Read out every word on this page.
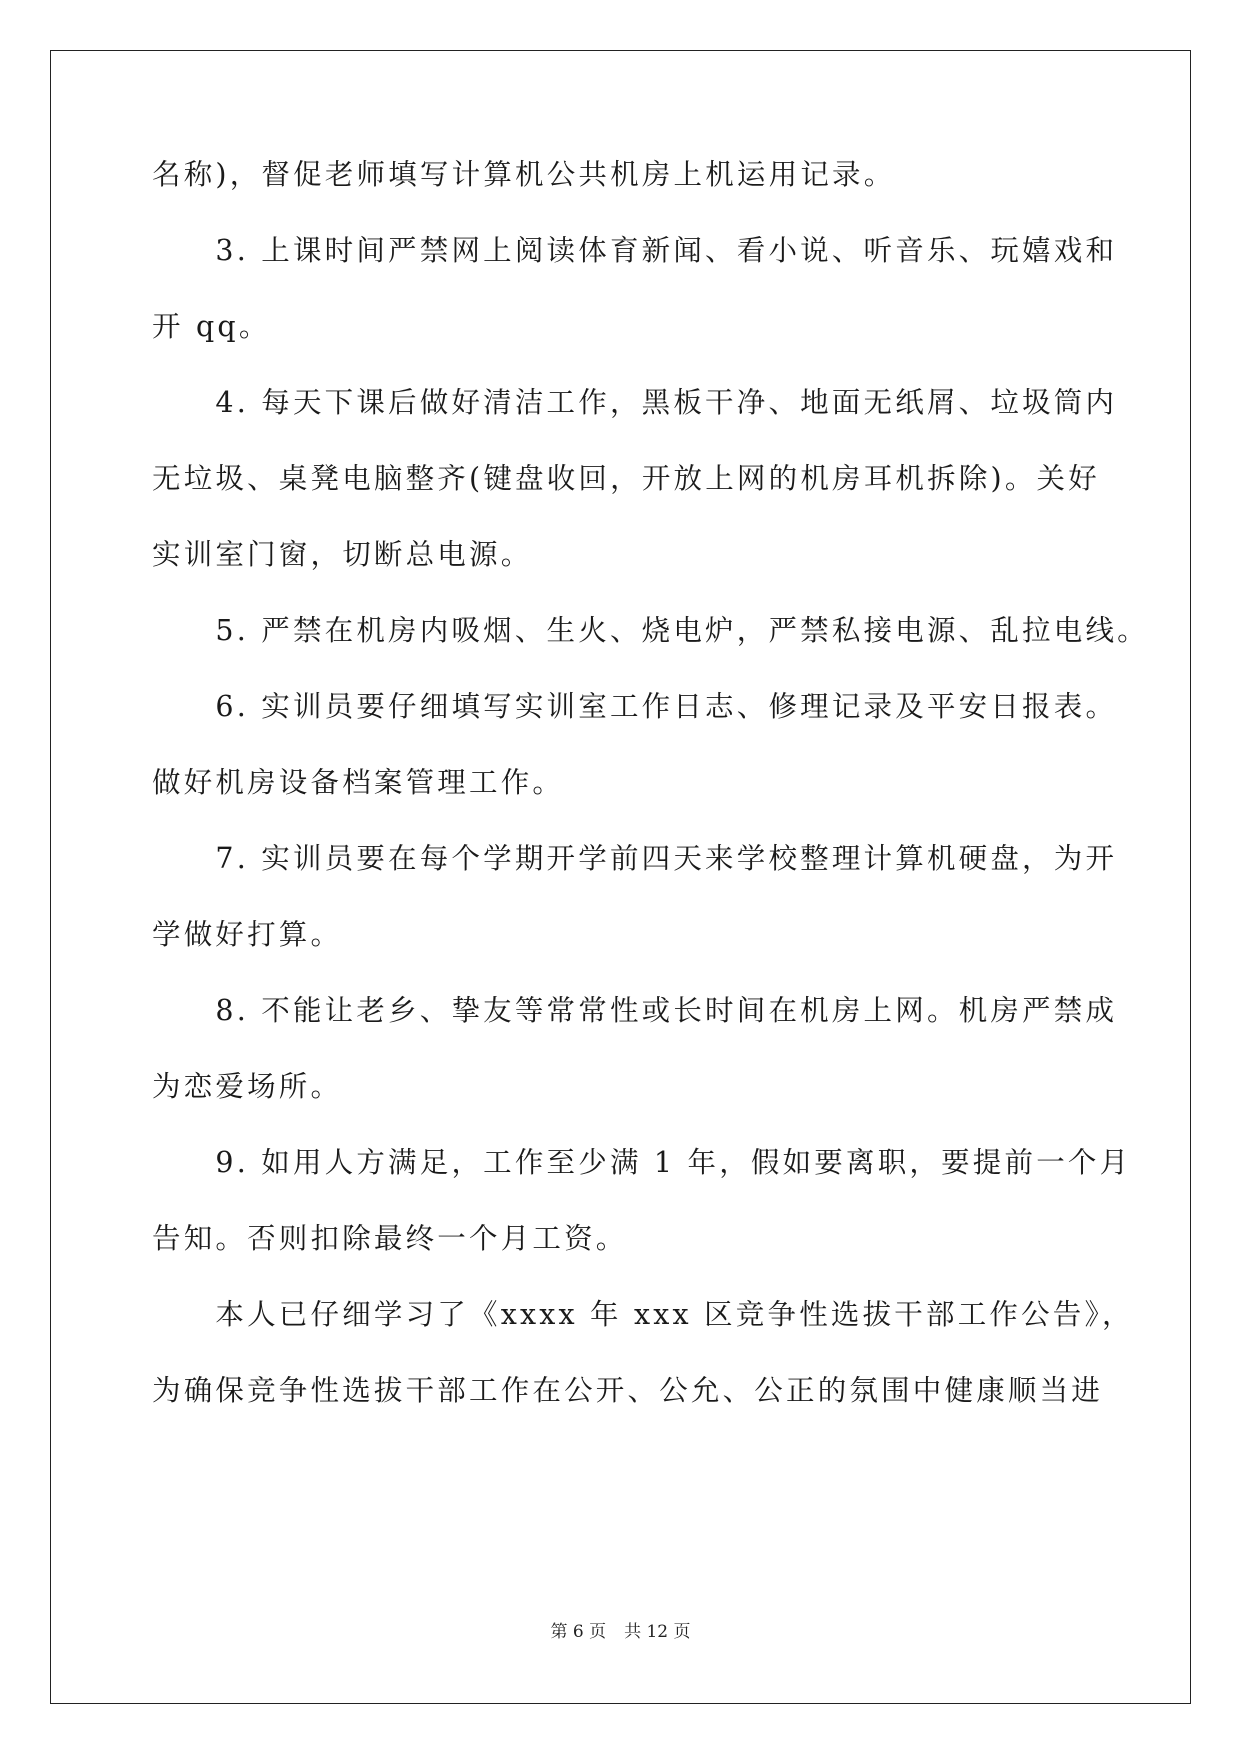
名称)，督促老师填写计算机公共机房上机运用记录。
　　3. 上课时间严禁网上阅读体育新闻、看小说、听音乐、玩嬉戏和
开 qq。
　　4. 每天下课后做好清洁工作，黑板干净、地面无纸屑、垃圾筒内
无垃圾、桌凳电脑整齐(键盘收回，开放上网的机房耳机拆除)。关好
实训室门窗，切断总电源。
　　5. 严禁在机房内吸烟、生火、烧电炉，严禁私接电源、乱拉电线。
　　6. 实训员要仔细填写实训室工作日志、修理记录及平安日报表。
做好机房设备档案管理工作。
　　7. 实训员要在每个学期开学前四天来学校整理计算机硬盘，为开
学做好打算。
　　8. 不能让老乡、挚友等常常性或长时间在机房上网。机房严禁成
为恋爱场所。
　　9. 如用人方满足，工作至少满 1 年，假如要离职，要提前一个月
告知。否则扣除最终一个月工资。
　　本人已仔细学习了《xxxx 年 xxx 区竞争性选拔干部工作公告》，
为确保竞争性选拔干部工作在公开、公允、公正的氛围中健康顺当进
第 6 页 共 12 页
